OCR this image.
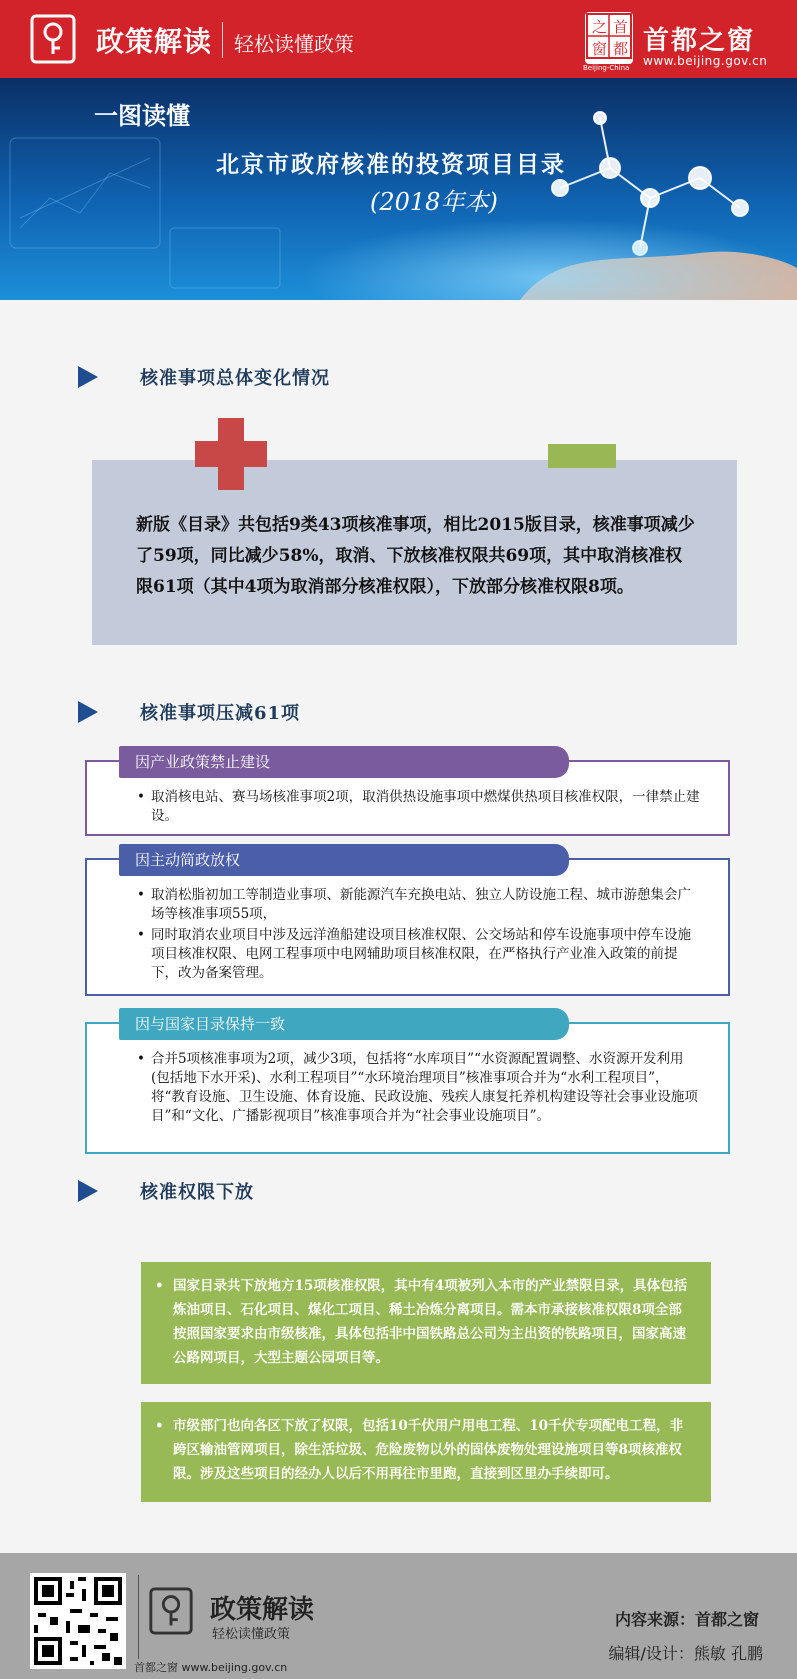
政策解读 轻松读懂政策
之 首
窗 都
Beijing-China
首都之窗
www.beijing.gov.cn
一图读懂
北京市政府核准的投资项目目录
(2018年本)
核准事项总体变化情况
新版《目录》共包括9类43项核准事项，相比2015版目录，核准事项减少了59项，同比减少58%，取消、下放核准权限共69项，其中取消核准权限61项（其中4项为取消部分核准权限），下放部分核准权限8项。
核准事项压减61项
因产业政策禁止建设
• 取消核电站、赛马场核准事项2项，取消供热设施事项中燃煤供热项目核准权限，一律禁止建设。
因主动简政放权
• 取消松脂初加工等制造业事项、新能源汽车充换电站、独立人防设施工程、城市游憩集会广场等核准事项55项，
• 同时取消农业项目中涉及远洋渔船建设项目核准权限、公交场站和停车设施事项中停车设施项目核准权限、电网工程事项中电网辅助项目核准权限，在严格执行产业准入政策的前提下，改为备案管理。
因与国家目录保持一致
• 合并5项核准事项为2项，减少3项，包括将“水库项目”“水资源配置调整、水资源开发利用(包括地下水开采)、水利工程项目”“水环境治理项目”核准事项合并为“水利工程项目”，将“教育设施、卫生设施、体育设施、民政设施、残疾人康复托养机构建设等社会事业设施项目”和“文化、广播影视项目”核准事项合并为“社会事业设施项目”。
核准权限下放
• 国家目录共下放地方15项核准权限，其中有4项被列入本市的产业禁限目录，具体包括炼油项目、石化项目、煤化工项目、稀土冶炼分离项目。需本市承接核准权限8项全部按照国家要求由市级核准，具体包括非中国铁路总公司为主出资的铁路项目，国家高速公路网项目，大型主题公园项目等。
• 市级部门也向各区下放了权限，包括10千伏用户用电工程、10千伏专项配电工程，非跨区输油管网项目，除生活垃圾、危险废物以外的固体废物处理设施项目等8项核准权限。涉及这些项目的经办人以后不用再往市里跑，直接到区里办手续即可。
政策解读
轻松读懂政策
首都之窗 www.beijing.gov.cn
内容来源：首都之窗
编辑/设计：熊敏 孔鹏
